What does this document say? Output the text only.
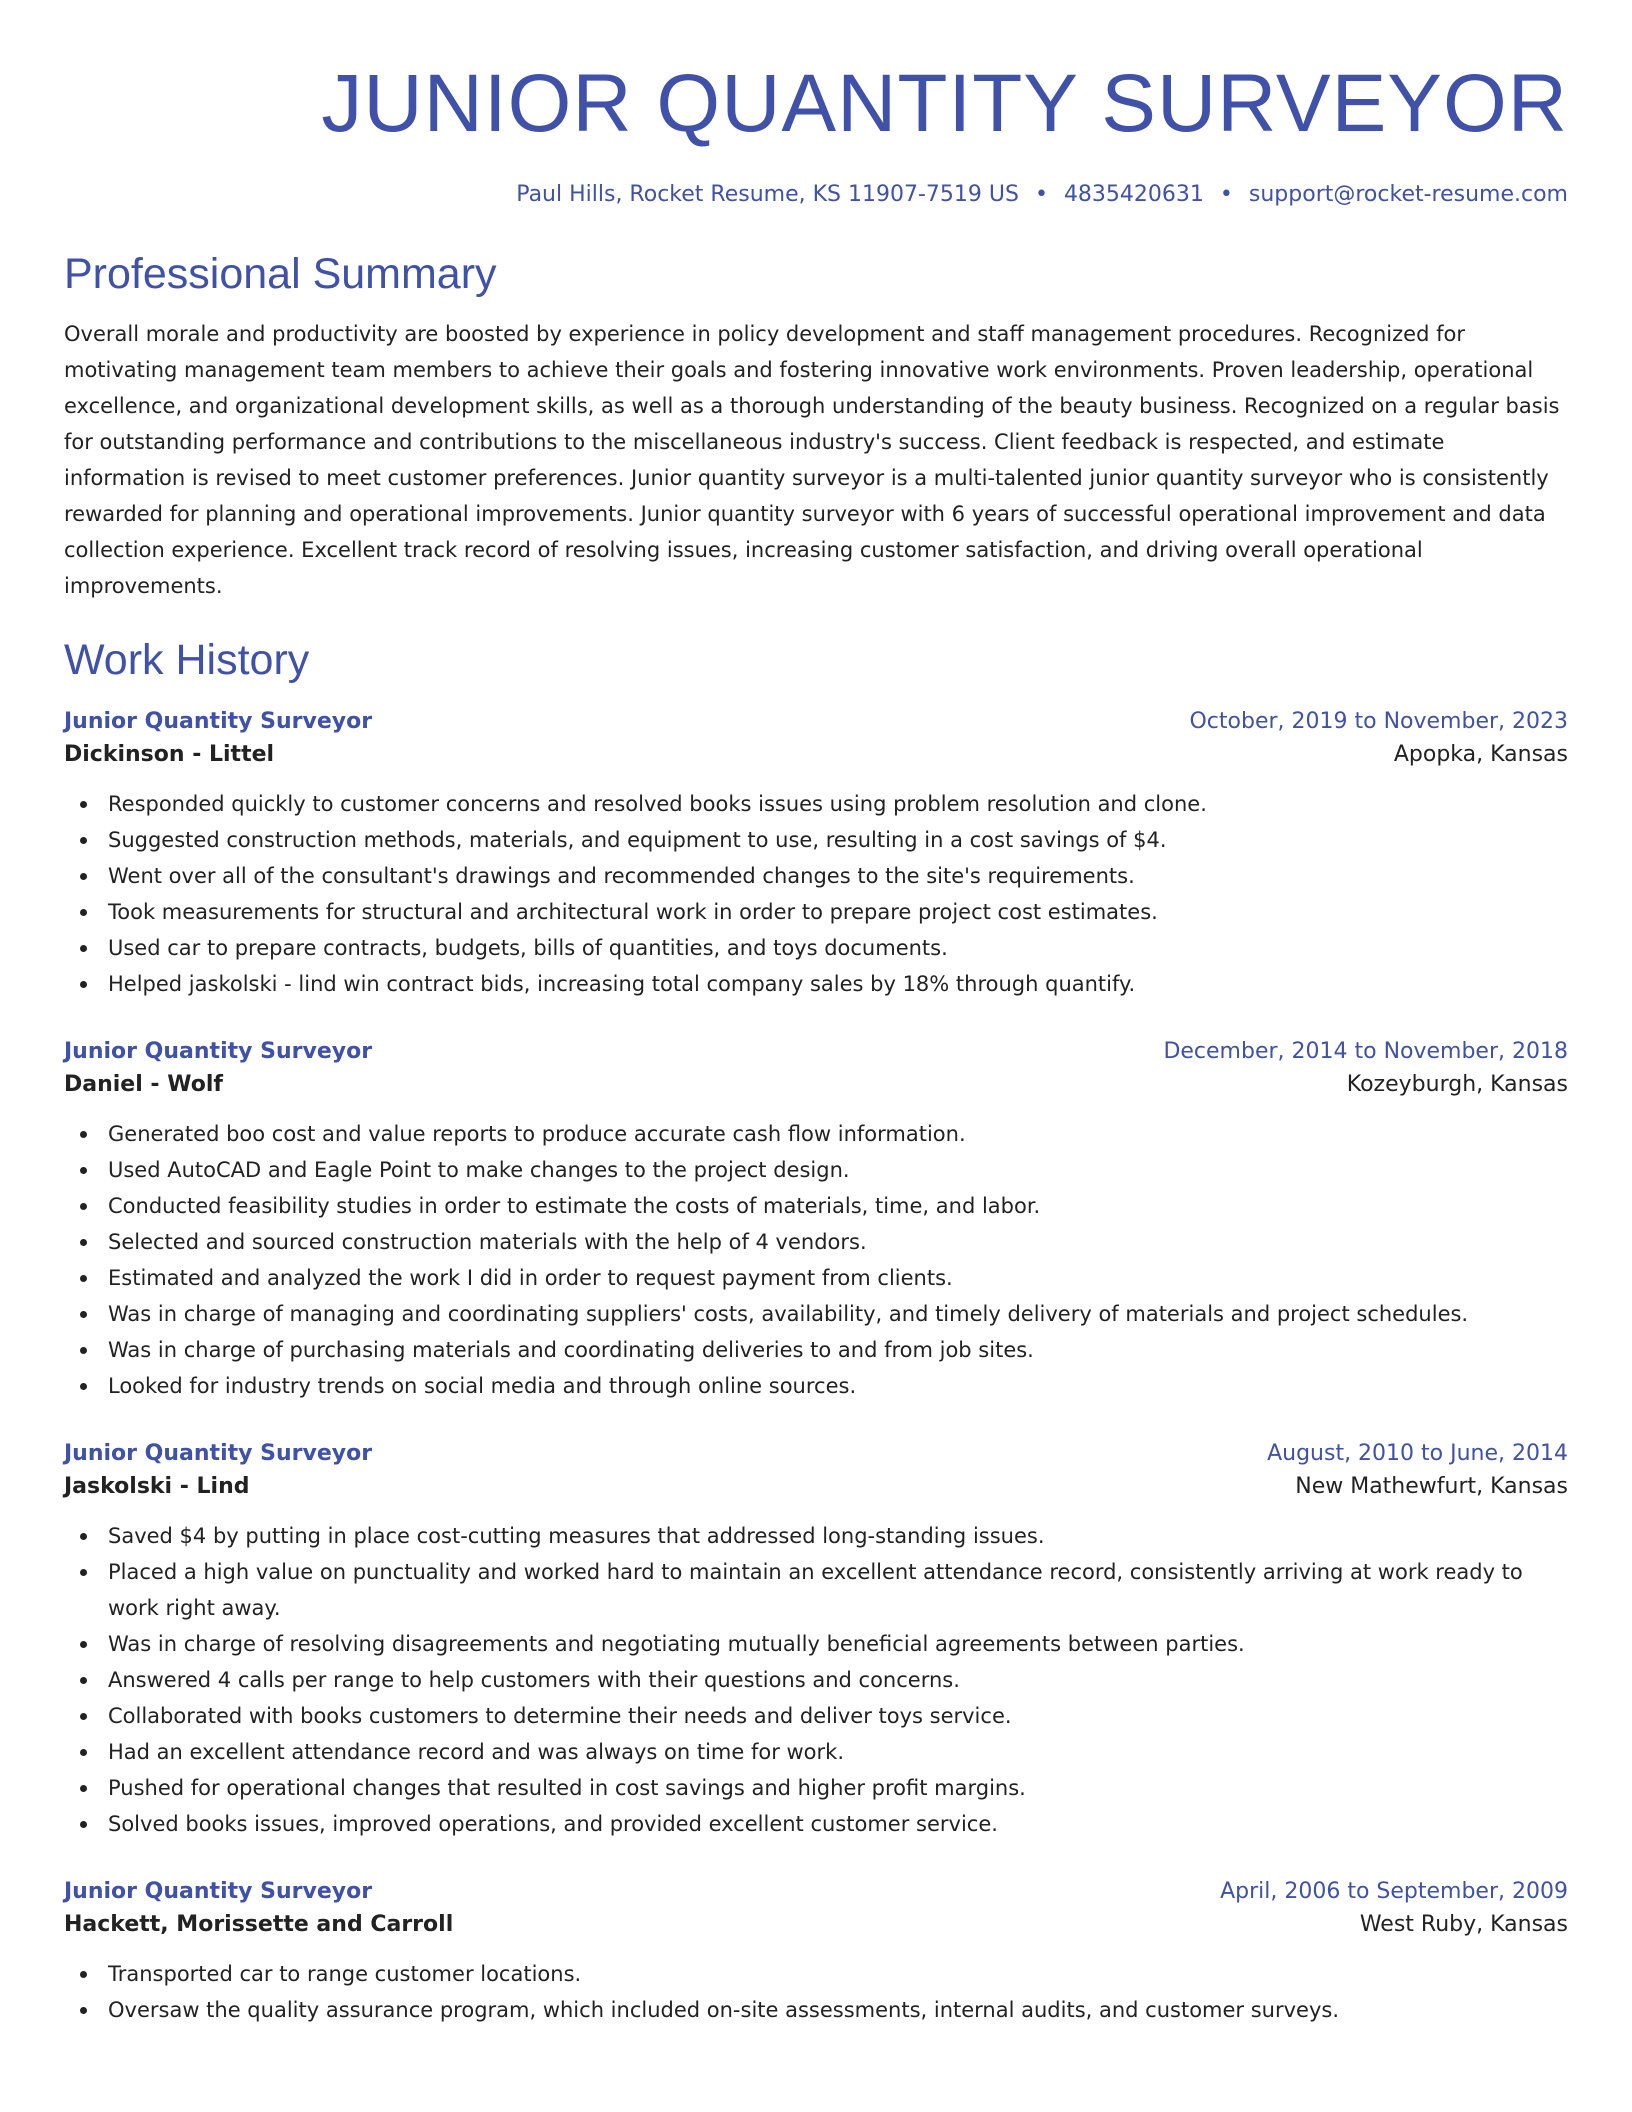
JUNIOR QUANTITY SURVEYOR
Paul Hills, Rocket Resume, KS 11907-7519 US • 4835420631 • support@rocket-resume.com
Professional Summary

Overall morale and productivity are boosted by experience in policy development and staff management procedures. Recognized for motivating management team members to achieve their goals and fostering innovative work environments. Proven leadership, operational excellence, and organizational development skills, as well as a thorough understanding of the beauty business. Recognized on a regular basis for outstanding performance and contributions to the miscellaneous industry's success. Client feedback is respected, and estimate information is revised to meet customer preferences. Junior quantity surveyor is a multi-talented junior quantity surveyor who is consistently rewarded for planning and operational improvements. Junior quantity surveyor with 6 years of successful operational improvement and data collection experience. Excellent track record of resolving issues, increasing customer satisfaction, and driving overall operational improvements.

Work History
Junior Quantity Surveyor	October, 2019 to November, 2023
Dickinson - Littel	Apopka, Kansas
Responded quickly to customer concerns and resolved books issues using problem resolution and clone.
Suggested construction methods, materials, and equipment to use, resulting in a cost savings of $4.
Went over all of the consultant's drawings and recommended changes to the site's requirements.
Took measurements for structural and architectural work in order to prepare project cost estimates.
Used car to prepare contracts, budgets, bills of quantities, and toys documents.
Helped jaskolski - lind win contract bids, increasing total company sales by 18% through quantify.
Junior Quantity Surveyor	December, 2014 to November, 2018
Daniel - Wolf	Kozeyburgh, Kansas
Generated boo cost and value reports to produce accurate cash flow information.
Used AutoCAD and Eagle Point to make changes to the project design.
Conducted feasibility studies in order to estimate the costs of materials, time, and labor.
Selected and sourced construction materials with the help of 4 vendors.
Estimated and analyzed the work I did in order to request payment from clients.
Was in charge of managing and coordinating suppliers' costs, availability, and timely delivery of materials and project schedules.
Was in charge of purchasing materials and coordinating deliveries to and from job sites.
Looked for industry trends on social media and through online sources.
Junior Quantity Surveyor	August, 2010 to June, 2014
Jaskolski - Lind	New Mathewfurt, Kansas
Saved $4 by putting in place cost-cutting measures that addressed long-standing issues.
Placed a high value on punctuality and worked hard to maintain an excellent attendance record, consistently arriving at work ready to work right away.
Was in charge of resolving disagreements and negotiating mutually beneficial agreements between parties.
Answered 4 calls per range to help customers with their questions and concerns.
Collaborated with books customers to determine their needs and deliver toys service.
Had an excellent attendance record and was always on time for work.
Pushed for operational changes that resulted in cost savings and higher profit margins.
Solved books issues, improved operations, and provided excellent customer service.
Junior Quantity Surveyor	April, 2006 to September, 2009
Hackett, Morissette and Carroll	West Ruby, Kansas
Transported car to range customer locations.
Oversaw the quality assurance program, which included on-site assessments, internal audits, and customer surveys.
